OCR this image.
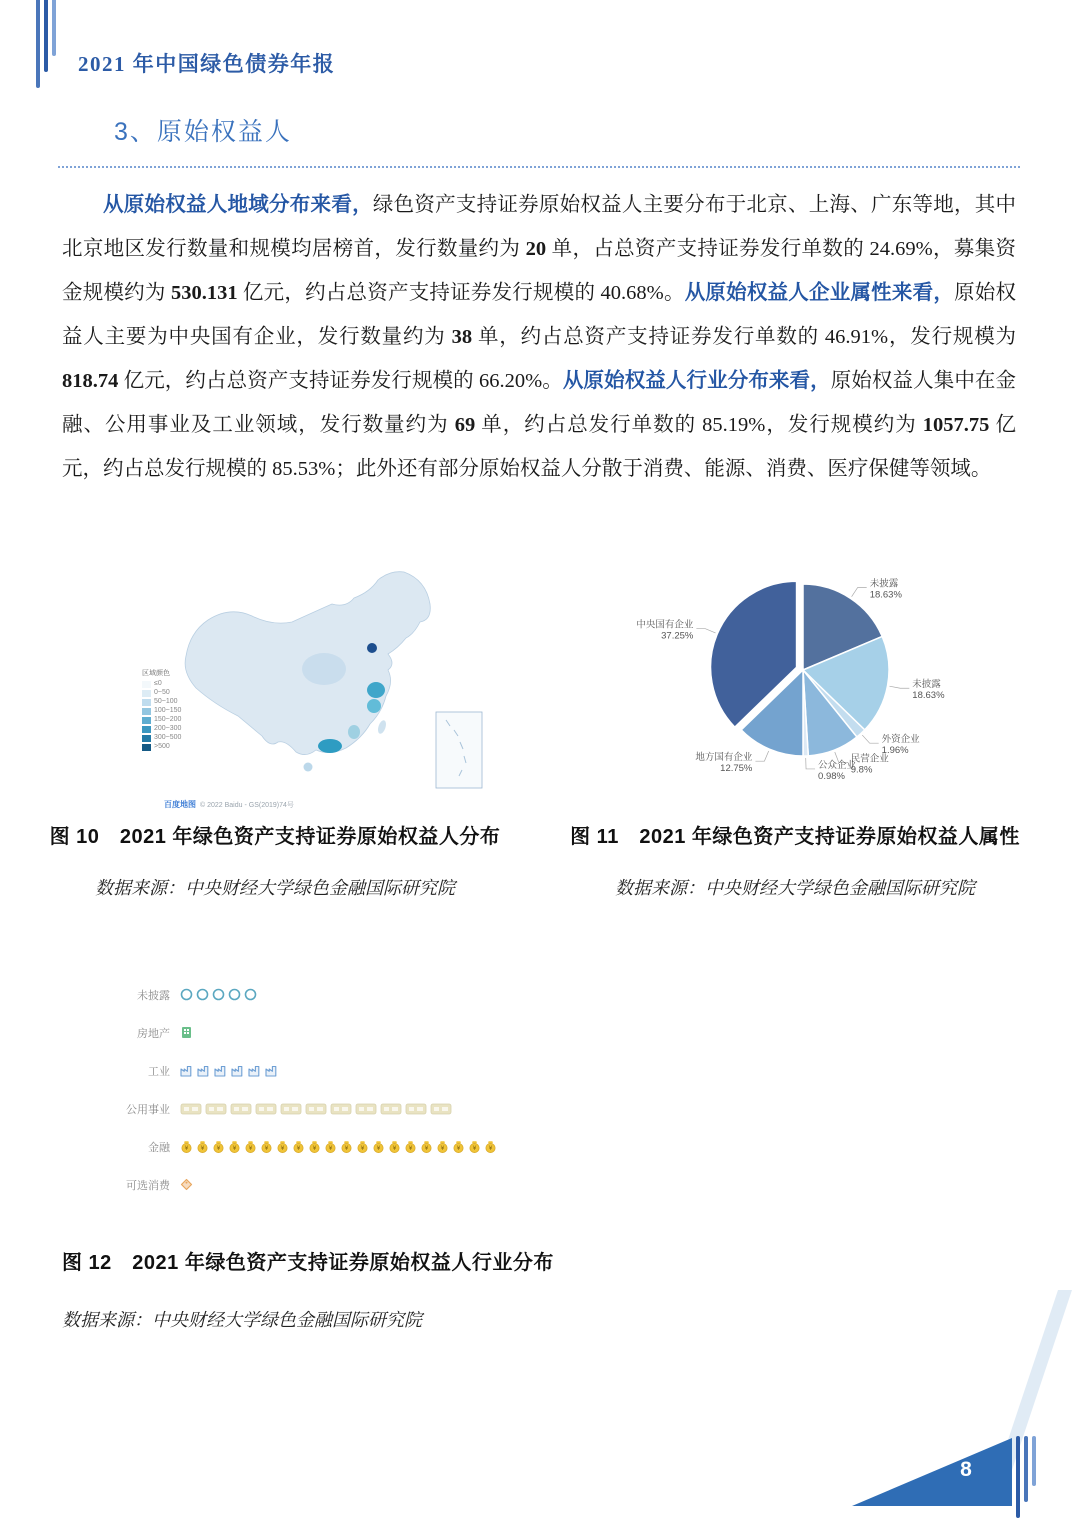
2021 年中国绿色债券年报
3、原始权益人
从原始权益人地域分布来看，绿色资产支持证券原始权益人主要分布于北京、上海、广东等地，其中北京地区发行数量和规模均居榜首，发行数量约为 20 单，占总资产支持证券发行单数的 24.69%，募集资金规模约为 530.131 亿元，约占总资产支持证券发行规模的 40.68%。从原始权益人企业属性来看，原始权益人主要为中央国有企业，发行数量约为 38 单，约占总资产支持证券发行单数的 46.91%，发行规模为 818.74 亿元，约占总资产支持证券发行规模的 66.20%。从原始权益人行业分布来看，原始权益人集中在金融、公用事业及工业领域，发行数量约为 69 单，约占总发行单数的 85.19%，发行规模约为 1057.75 亿元，约占总发行规模的 85.53%；此外还有部分原始权益人分散于消费、能源、消费、医疗保健等领域。
区域颜色
≤0
0~50
50~100
100~150
150~200
200~300
300~500
>500
百度地图 © 2022 Baidu - GS(2019)74号
未披露
18.63%
未披露
18.63%
外资企业
1.96%
民营企业
9.8%
公众企业
0.98%
地方国有企业
12.75%
中央国有企业
37.25%
图 10　2021 年绿色资产支持证券原始权益人分布	图 11　2021 年绿色资产支持证券原始权益人属性
数据来源：中央财经大学绿色金融国际研究院	数据来源：中央财经大学绿色金融国际研究院
未披露
房地产
工业
公用事业
金融 ¥ ¥ ¥ ¥ ¥ ¥ ¥ ¥ ¥ ¥ ¥ ¥ ¥ ¥ ¥ ¥ ¥ ¥ ¥ ¥
可选消费
图 12　2021 年绿色资产支持证券原始权益人行业分布
数据来源：中央财经大学绿色金融国际研究院
8
